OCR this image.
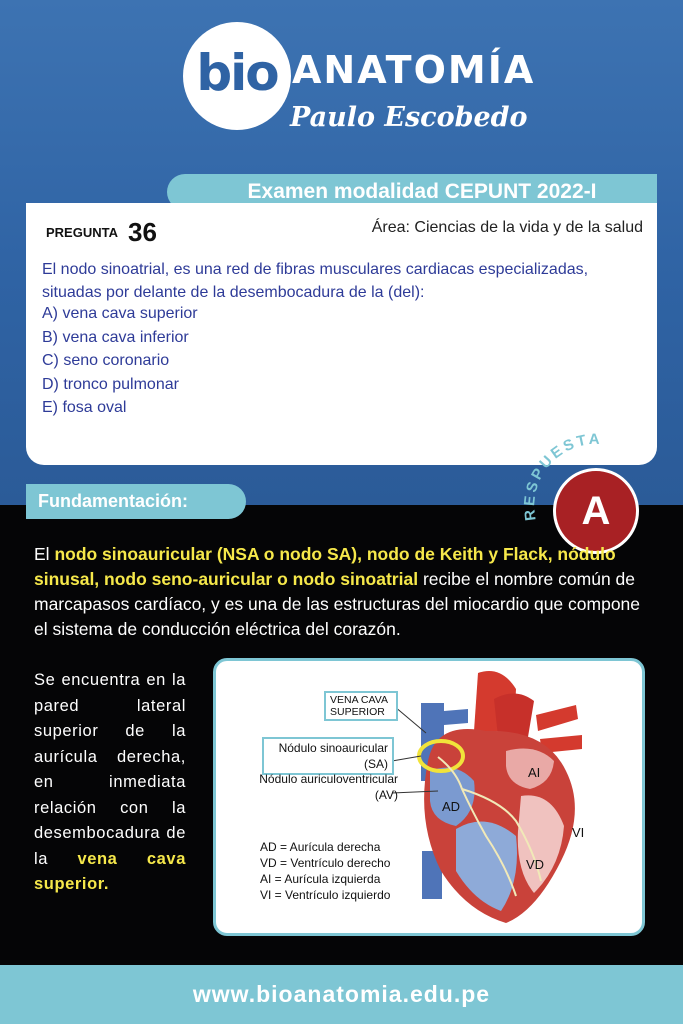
bio ANATOMÍA
Paulo Escobedo
Examen modalidad CEPUNT 2022-I
PREGUNTA 36	Área: Ciencias de la vida y de la salud
El nodo sinoatrial, es una red de fibras musculares cardiacas especializadas, situadas por delante de la desembocadura de la (del):
A) vena cava superior
B) vena cava inferior
C) seno coronario
D) tronco pulmonar
E) fosa oval
Fundamentación:
RESPUESTA
A
El nodo sinoauricular (NSA o nodo SA), nodo de Keith y Flack, nódulo sinusal, nodo seno-auricular o nodo sinoatrial recibe el nombre común de marcapasos cardíaco, y es una de las estructuras del miocardio que compone el sistema de conducción eléctrica del corazón.
Se encuentra en la pared lateral superior de la aurícula derecha, en inmediata relación con la desembocadura de la vena cava superior.
VENA CAVA SUPERIOR
Nódulo sinoauricular
(SA)
Nódulo auriculoventricular
(AV)
AI
AD
VI
VD
AD = Aurícula derecha
VD = Ventrículo derecho
AI = Aurícula izquierda
VI = Ventrículo izquierdo
www.bioanatomia.edu.pe
